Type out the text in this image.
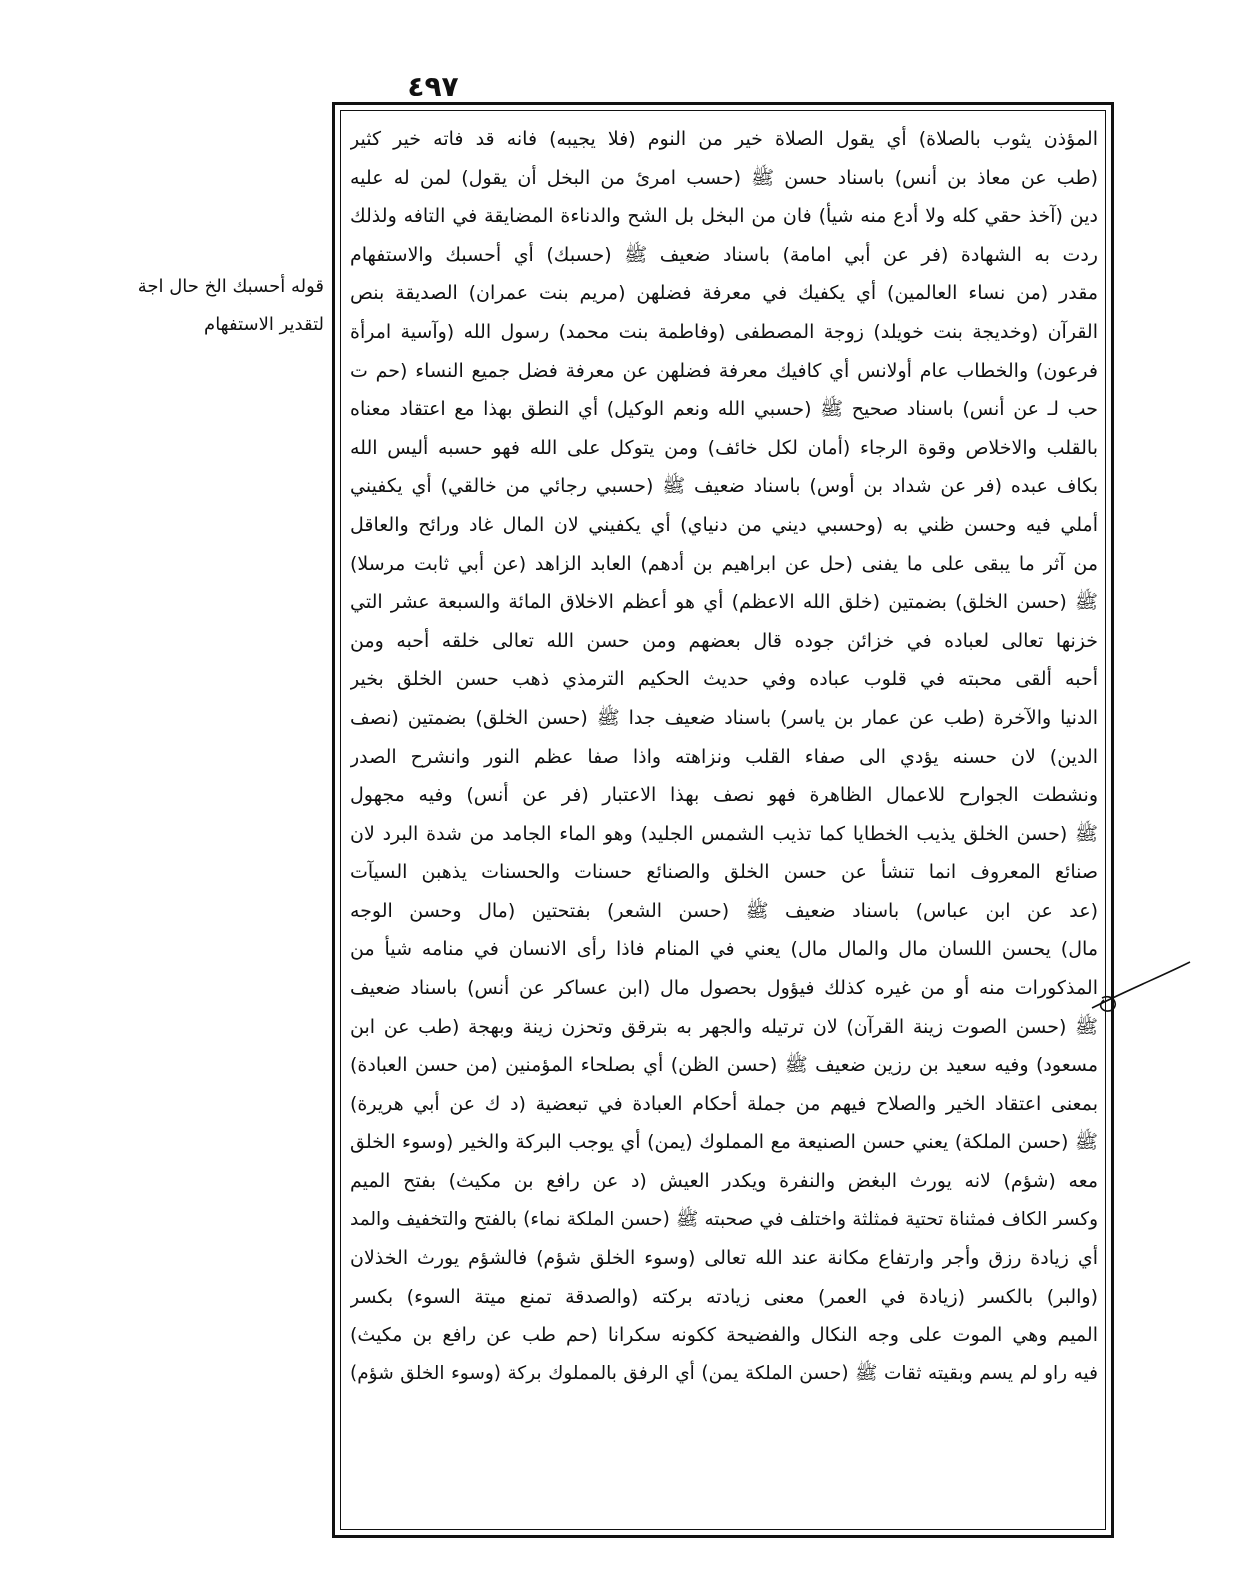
٤٩٧
قوله أحسبك الخ حال اجة
لتقدير الاستفهام
المؤذن يثوب بالصلاة) أي يقول الصلاة خير من النوم (فلا يجيبه) فانه قد فاته خير كثير
(طب عن معاذ بن أنس) باسناد حسن ﷺ (حسب امرئ من البخل أن يقول) لمن له عليه
دين (آخذ حقي كله ولا أدع منه شيأ) فان من البخل بل الشح والدناءة المضايقة في التافه ولذلك
ردت به الشهادة (فر عن أبي امامة) باسناد ضعيف ﷺ (حسبك) أي أحسبك والاستفهام
مقدر (من نساء العالمين) أي يكفيك في معرفة فضلهن (مريم بنت عمران) الصديقة بنص
القرآن (وخديجة بنت خويلد) زوجة المصطفى (وفاطمة بنت محمد) رسول الله (وآسية امرأة
فرعون) والخطاب عام أولانس أي كافيك معرفة فضلهن عن معرفة فضل جميع النساء (حم ت
حب لـ عن أنس) باسناد صحيح ﷺ (حسبي الله ونعم الوكيل) أي النطق بهذا مع اعتقاد معناه
بالقلب والاخلاص وقوة الرجاء (أمان لكل خائف) ومن يتوكل على الله فهو حسبه أليس الله
بكاف عبده (فر عن شداد بن أوس) باسناد ضعيف ﷺ (حسبي رجائي من خالقي) أي يكفيني
أملي فيه وحسن ظني به (وحسبي ديني من دنياي) أي يكفيني لان المال غاد ورائح والعاقل
من آثر ما يبقى على ما يفنى (حل عن ابراهيم بن أدهم) العابد الزاهد (عن أبي ثابت مرسلا)
ﷺ (حسن الخلق) بضمتين (خلق الله الاعظم) أي هو أعظم الاخلاق المائة والسبعة عشر التي
خزنها تعالى لعباده في خزائن جوده قال بعضهم ومن حسن الله تعالى خلقه أحبه ومن
أحبه ألقى محبته في قلوب عباده وفي حديث الحكيم الترمذي ذهب حسن الخلق بخير
الدنيا والآخرة (طب عن عمار بن ياسر) باسناد ضعيف جدا ﷺ (حسن الخلق) بضمتين (نصف
الدين) لان حسنه يؤدي الى صفاء القلب ونزاهته واذا صفا عظم النور وانشرح الصدر
ونشطت الجوارح للاعمال الظاهرة فهو نصف بهذا الاعتبار (فر عن أنس) وفيه مجهول
ﷺ (حسن الخلق يذيب الخطايا كما تذيب الشمس الجليد) وهو الماء الجامد من شدة البرد لان
صنائع المعروف انما تنشأ عن حسن الخلق والصنائع حسنات والحسنات يذهبن السيآت
(عد عن ابن عباس) باسناد ضعيف ﷺ (حسن الشعر) بفتحتين (مال وحسن الوجه
مال) يحسن اللسان مال والمال مال) يعني في المنام فاذا رأى الانسان في منامه شيأ من
المذكورات منه أو من غيره كذلك فيؤول بحصول مال (ابن عساكر عن أنس) باسناد ضعيف
ﷺ (حسن الصوت زينة القرآن) لان ترتيله والجهر به بترقق وتحزن زينة وبهجة (طب عن ابن
مسعود) وفيه سعيد بن رزين ضعيف ﷺ (حسن الظن) أي بصلحاء المؤمنين (من حسن العبادة)
بمعنى اعتقاد الخير والصلاح فيهم من جملة أحكام العبادة في تبعضية (د ك عن أبي هريرة)
ﷺ (حسن الملكة) يعني حسن الصنيعة مع المملوك (يمن) أي يوجب البركة والخير (وسوء الخلق
معه (شؤم) لانه يورث البغض والنفرة ويكدر العيش (د عن رافع بن مكيث) بفتح الميم
وكسر الكاف فمثناة تحتية فمثلثة واختلف في صحبته ﷺ (حسن الملكة نماء) بالفتح والتخفيف والمد
أي زيادة رزق وأجر وارتفاع مكانة عند الله تعالى (وسوء الخلق شؤم) فالشؤم يورث الخذلان
(والبر) بالكسر (زيادة في العمر) معنى زيادته بركته (والصدقة تمنع ميتة السوء) بكسر
الميم وهي الموت على وجه النكال والفضيحة ككونه سكرانا (حم طب عن رافع بن مكيث)
فيه راو لم يسم وبقيته ثقات ﷺ (حسن الملكة يمن) أي الرفق بالمملوك بركة (وسوء الخلق شؤم)
